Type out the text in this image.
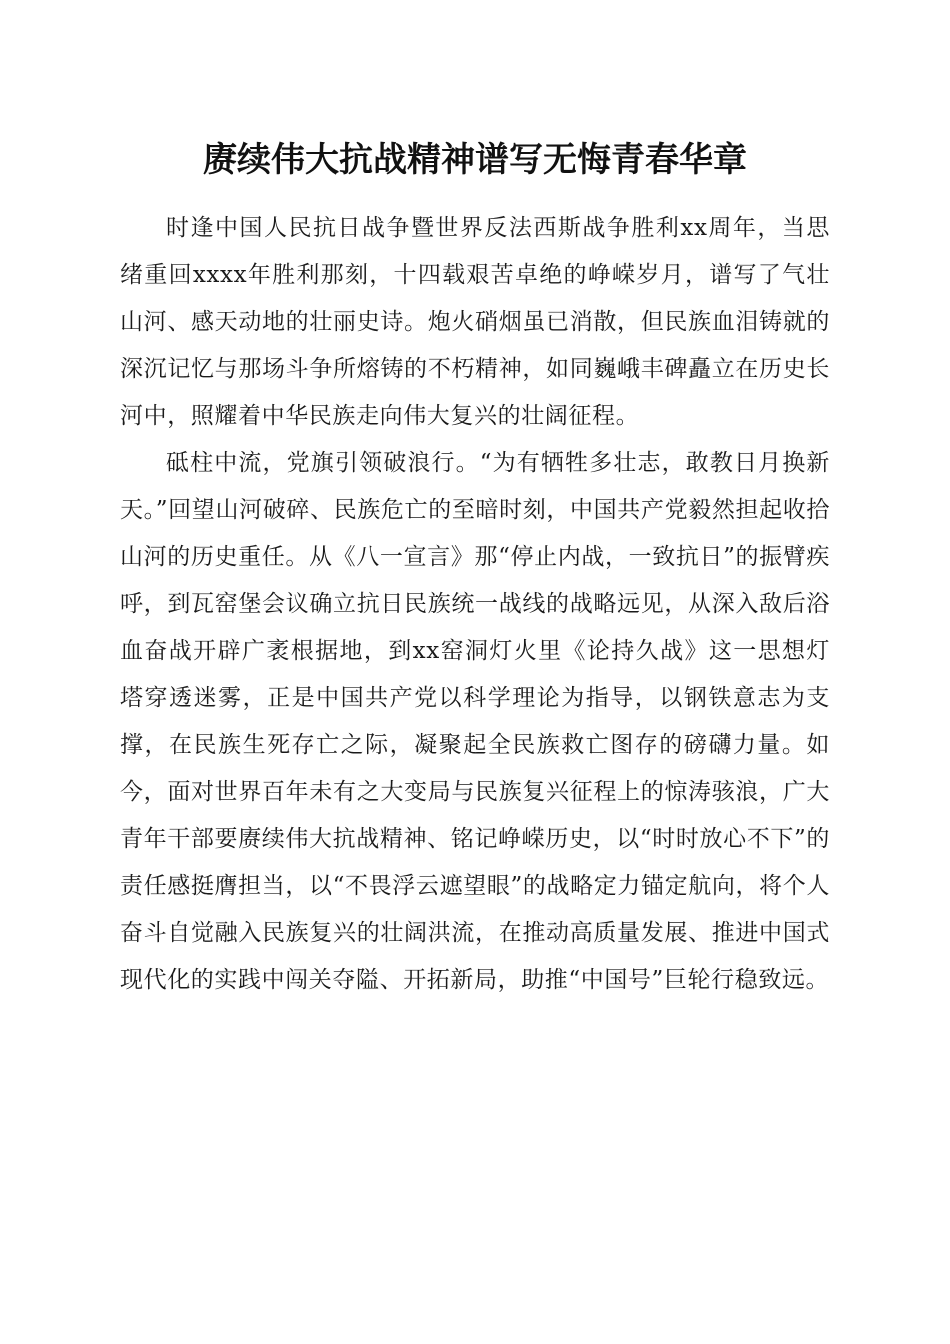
赓续伟大抗战精神谱写无悔青春华章

时逢中国人民抗日战争暨世界反法西斯战争胜利xx周年，当思绪重回xxxx年胜利那刻，十四载艰苦卓绝的峥嵘岁月，谱写了气壮山河、感天动地的壮丽史诗。炮火硝烟虽已消散，但民族血泪铸就的深沉记忆与那场斗争所熔铸的不朽精神，如同巍峨丰碑矗立在历史长河中，照耀着中华民族走向伟大复兴的壮阔征程。

砥柱中流，党旗引领破浪行。“为有牺牲多壮志，敢教日月换新天。”回望山河破碎、民族危亡的至暗时刻，中国共产党毅然担起收拾山河的历史重任。从《八一宣言》那“停止内战，一致抗日”的振臂疾呼，到瓦窑堡会议确立抗日民族统一战线的战略远见，从深入敌后浴血奋战开辟广袤根据地，到xx窑洞灯火里《论持久战》这一思想灯塔穿透迷雾，正是中国共产党以科学理论为指导，以钢铁意志为支撑，在民族生死存亡之际，凝聚起全民族救亡图存的磅礴力量。如今，面对世界百年未有之大变局与民族复兴征程上的惊涛骇浪，广大青年干部要赓续伟大抗战精神、铭记峥嵘历史，以“时时放心不下”的责任感挺膺担当，以“不畏浮云遮望眼”的战略定力锚定航向，将个人奋斗自觉融入民族复兴的壮阔洪流，在推动高质量发展、推进中国式现代化的实践中闯关夺隘、开拓新局，助推“中国号”巨轮行稳致远。
